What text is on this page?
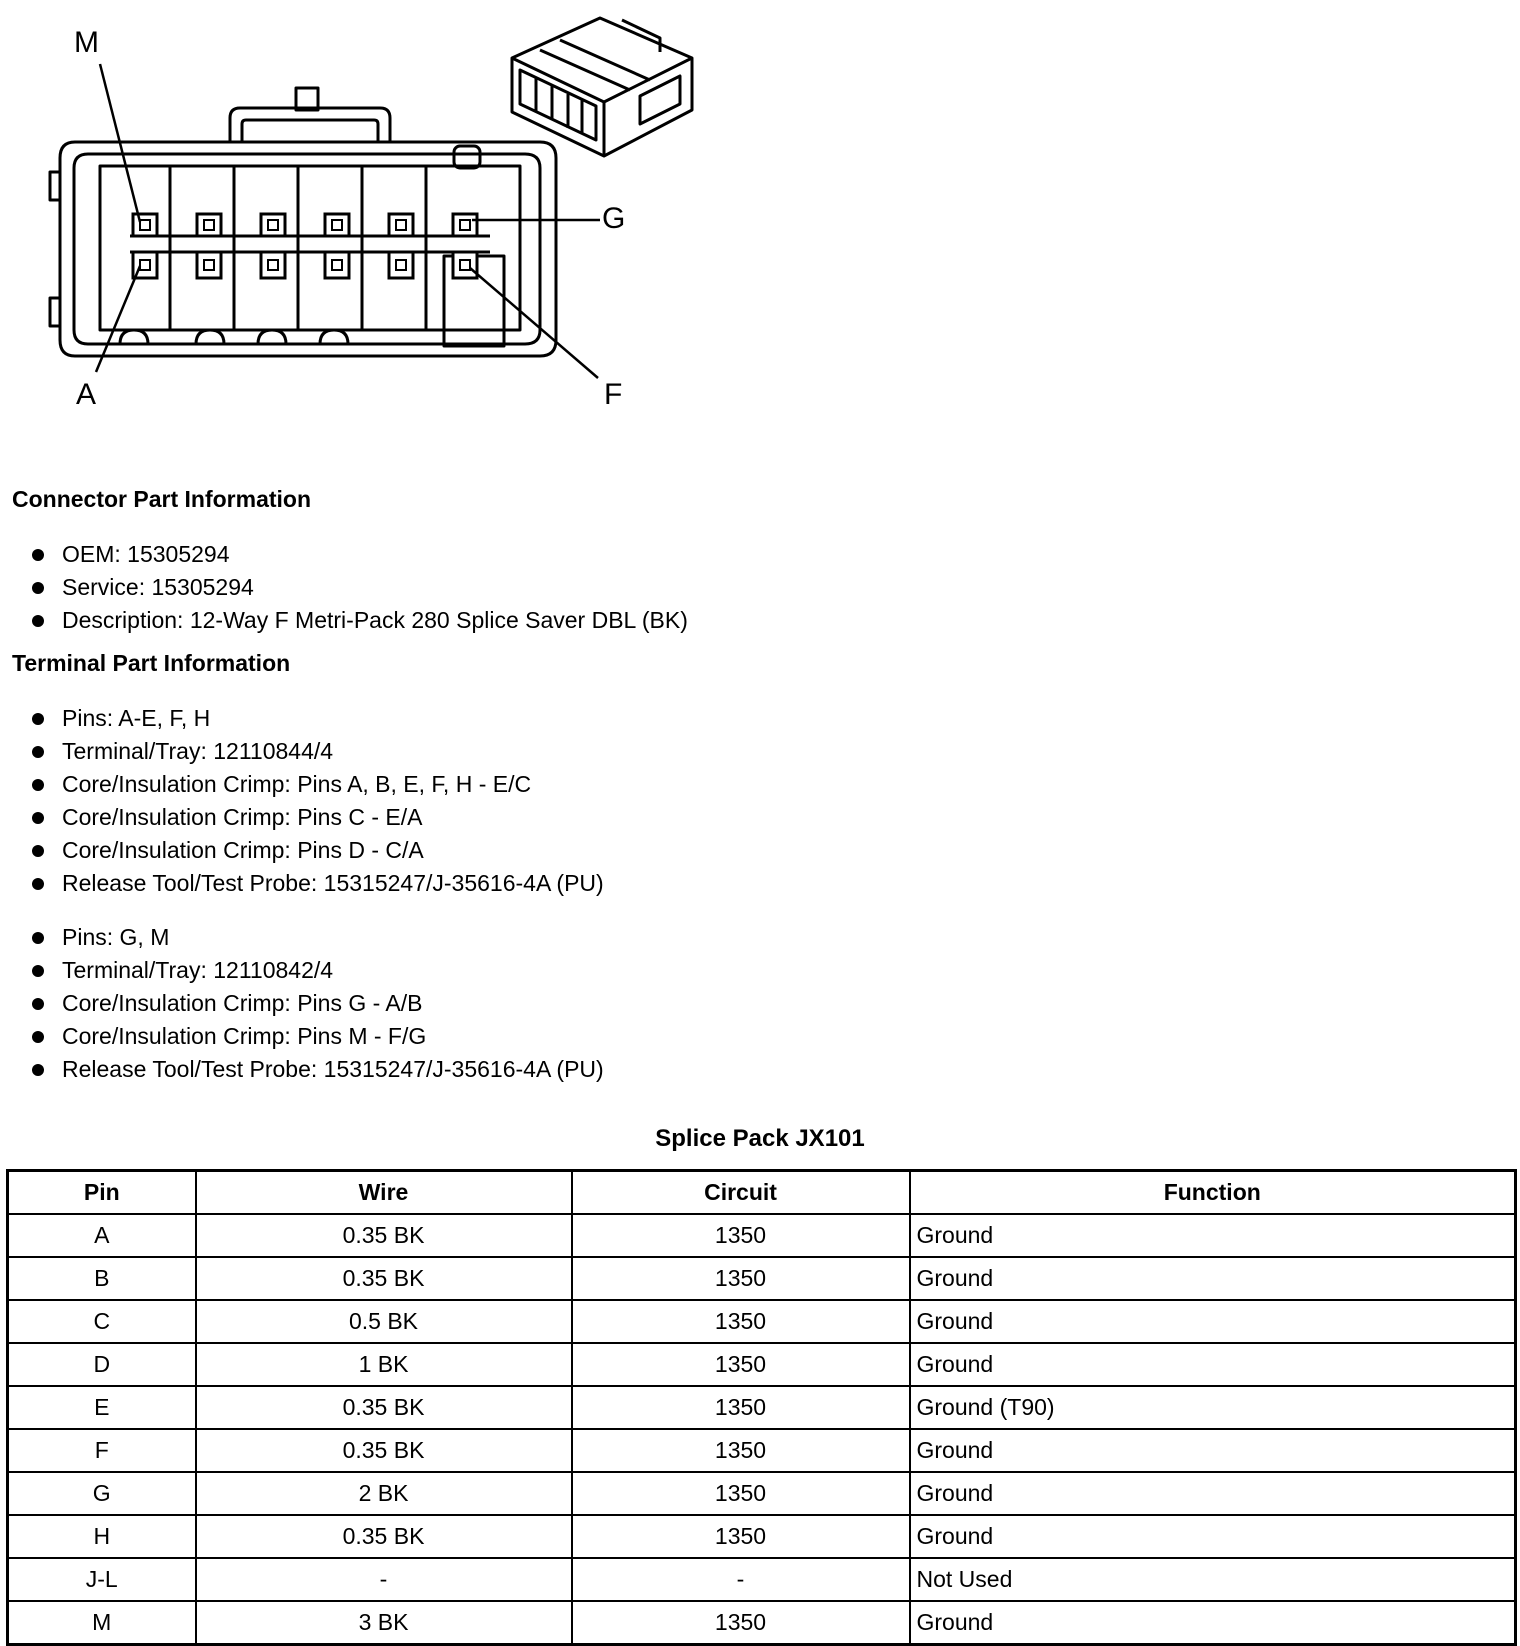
M
G
A	F
Connector Part Information
OEM: 15305294
Service: 15305294
Description: 12-Way F Metri-Pack 280 Splice Saver DBL (BK)
Terminal Part Information
Pins: A-E, F, H
Terminal/Tray: 12110844/4
Core/Insulation Crimp: Pins A, B, E, F, H - E/C
Core/Insulation Crimp: Pins C - E/A
Core/Insulation Crimp: Pins D - C/A
Release Tool/Test Probe: 15315247/J-35616-4A (PU)
Pins: G, M
Terminal/Tray: 12110842/4
Core/Insulation Crimp: Pins G - A/B
Core/Insulation Crimp: Pins M - F/G
Release Tool/Test Probe: 15315247/J-35616-4A (PU)
Splice Pack JX101
Pin	Wire	Circuit	Function
A	0.35 BK	1350	Ground
B	0.35 BK	1350	Ground
C	0.5 BK	1350	Ground
D	1 BK	1350	Ground
E	0.35 BK	1350	Ground (T90)
F	0.35 BK	1350	Ground
G	2 BK	1350	Ground
H	0.35 BK	1350	Ground
J-L	-	-	Not Used
M	3 BK	1350	Ground
